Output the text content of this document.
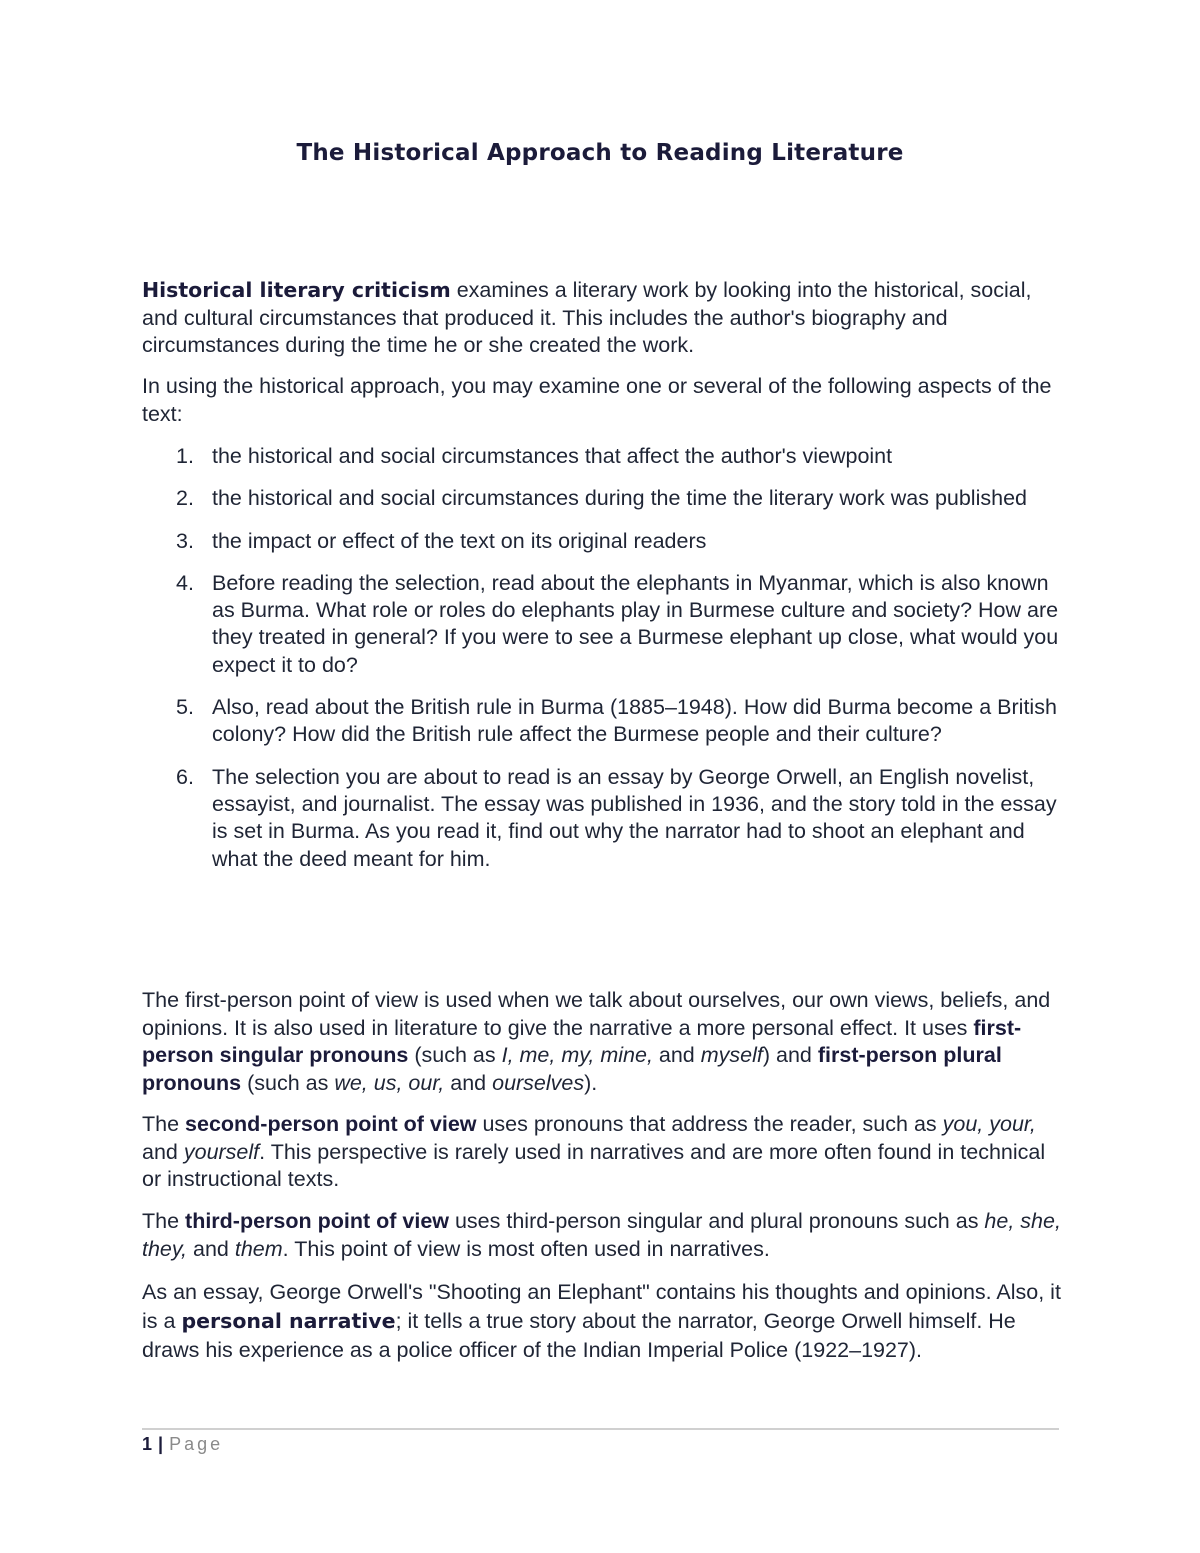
The Historical Approach to Reading Literature

Historical literary criticism examines a literary work by looking into the historical, social, and cultural circumstances that produced it. This includes the author's biography and circumstances during the time he or she created the work.

In using the historical approach, you may examine one or several of the following aspects of the text:

1. the historical and social circumstances that affect the author's viewpoint
2. the historical and social circumstances during the time the literary work was published
3. the impact or effect of the text on its original readers
4. Before reading the selection, read about the elephants in Myanmar, which is also known as Burma. What role or roles do elephants play in Burmese culture and society? How are they treated in general? If you were to see a Burmese elephant up close, what would you expect it to do?
5. Also, read about the British rule in Burma (1885–1948). How did Burma become a British colony? How did the British rule affect the Burmese people and their culture?
6. The selection you are about to read is an essay by George Orwell, an English novelist, essayist, and journalist. The essay was published in 1936, and the story told in the essay is set in Burma. As you read it, find out why the narrator had to shoot an elephant and what the deed meant for him.

The first-person point of view is used when we talk about ourselves, our own views, beliefs, and opinions. It is also used in literature to give the narrative a more personal effect. It uses first-person singular pronouns (such as I, me, my, mine, and myself) and first-person plural pronouns (such as we, us, our, and ourselves).

The second-person point of view uses pronouns that address the reader, such as you, your, and yourself. This perspective is rarely used in narratives and are more often found in technical or instructional texts.

The third-person point of view uses third-person singular and plural pronouns such as he, she, they, and them. This point of view is most often used in narratives.

As an essay, George Orwell's "Shooting an Elephant" contains his thoughts and opinions. Also, it is a personal narrative; it tells a true story about the narrator, George Orwell himself. He draws his experience as a police officer of the Indian Imperial Police (1922–1927).

1 | Page
